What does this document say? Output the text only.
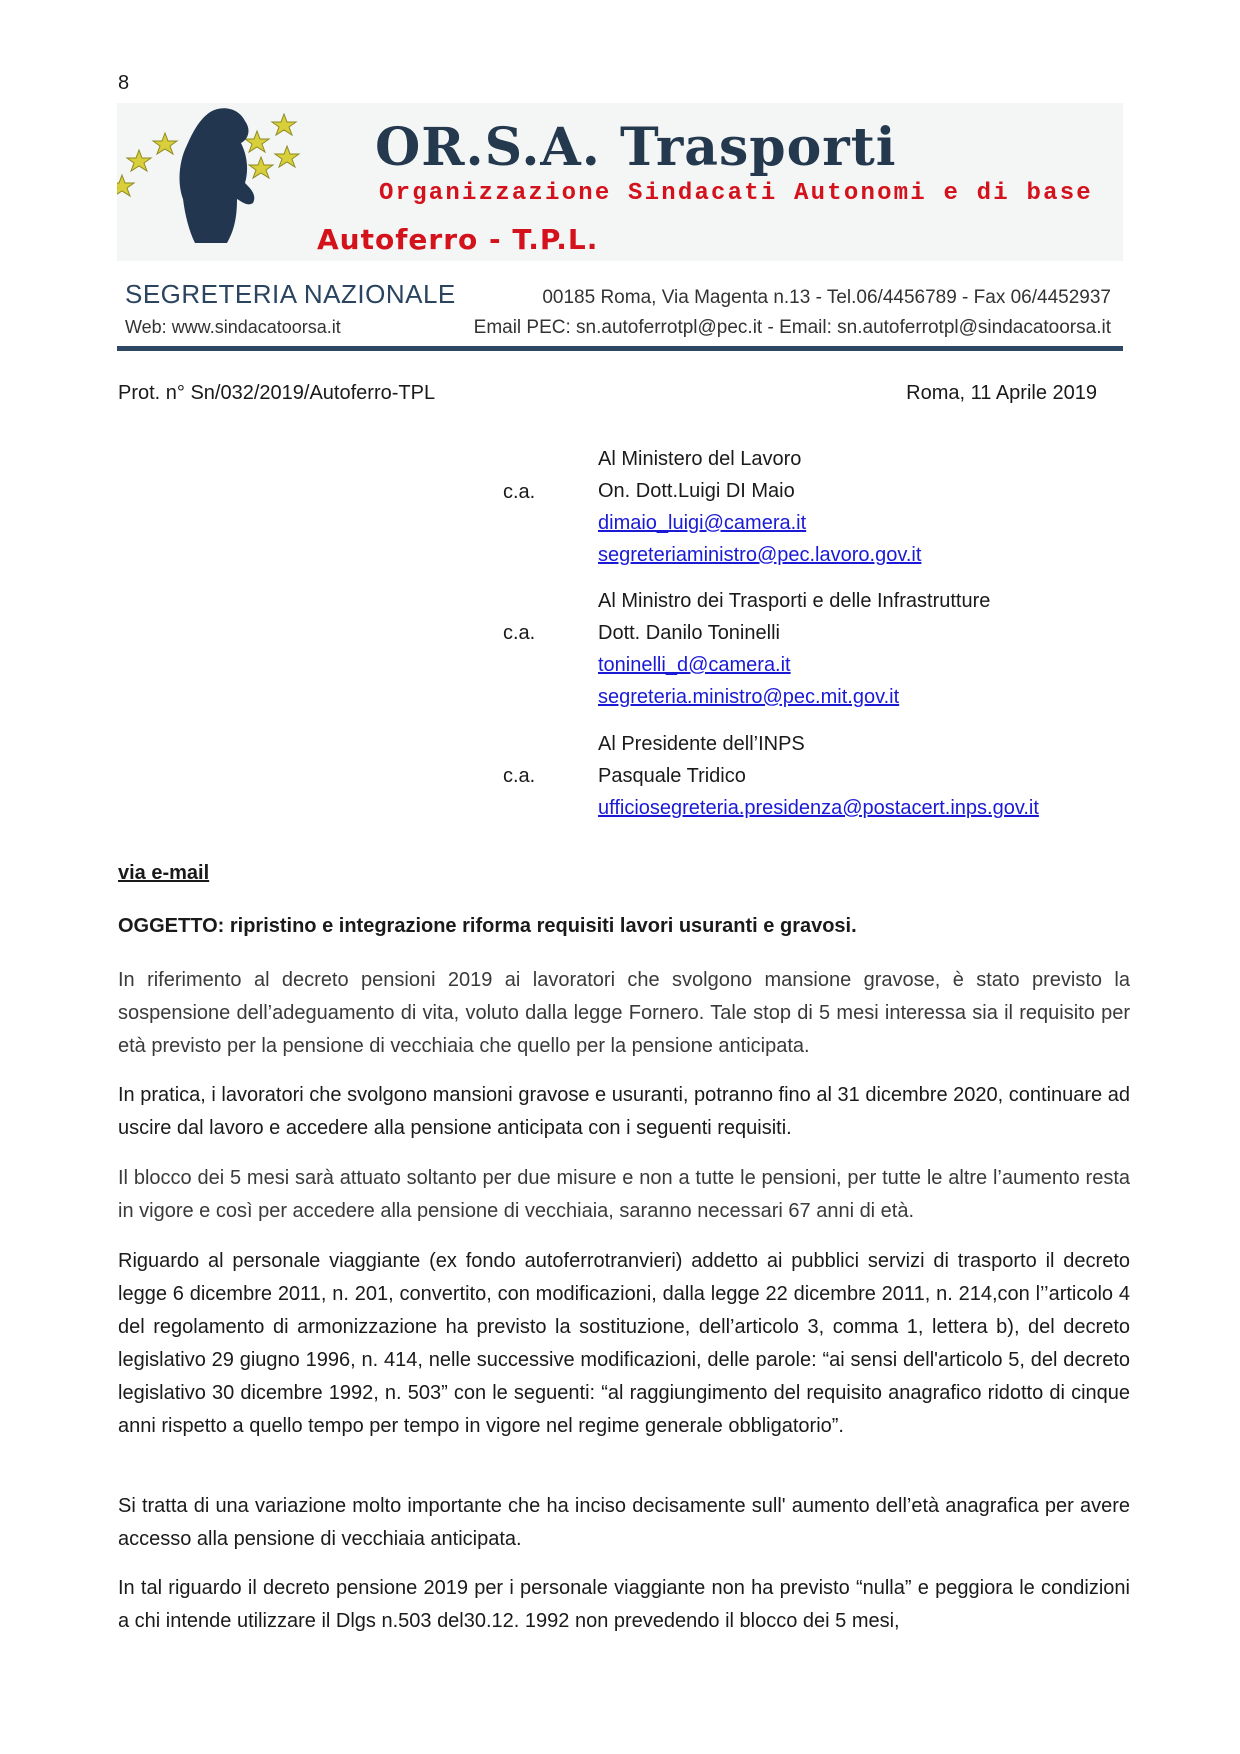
8
OR.S.A. Trasporti
Organizzazione Sindacati Autonomi e di base
Autoferro - T.P.L.
SEGRETERIA NAZIONALE	00185 Roma, Via Magenta n.13 - Tel.06/4456789 - Fax 06/4452937
Web: www.sindacatoorsa.it	Email PEC: sn.autoferrotpl@pec.it - Email: sn.autoferrotpl@sindacatoorsa.it
Prot. n° Sn/032/2019/Autoferro-TPL	Roma, 11 Aprile 2019
c.a.
Al Ministero del Lavoro
On. Dott.Luigi DI Maio
dimaio_luigi@camera.it
segreteriaministro@pec.lavoro.gov.it
c.a.
Al Ministro dei Trasporti e delle Infrastrutture
Dott. Danilo Toninelli
toninelli_d@camera.it
segreteria.ministro@pec.mit.gov.it
c.a.
Al Presidente dell’INPS
Pasquale Tridico
ufficiosegreteria.presidenza@postacert.inps.gov.it
via e-mail
OGGETTO: ripristino e integrazione riforma requisiti lavori usuranti e gravosi.
In riferimento al decreto pensioni 2019 ai lavoratori che svolgono mansione gravose, è stato previsto la sospensione dell’adeguamento di vita, voluto dalla legge Fornero. Tale stop di 5 mesi interessa sia il requisito per età previsto per la pensione di vecchiaia che quello per la pensione anticipata.
In pratica, i lavoratori che svolgono mansioni gravose e usuranti, potranno fino al 31 dicembre 2020, continuare ad uscire dal lavoro e accedere alla pensione anticipata con i seguenti requisiti.
Il blocco dei 5 mesi sarà attuato soltanto per due misure e non a tutte le pensioni, per tutte le altre l’aumento resta in vigore e così per accedere alla pensione di vecchiaia, saranno necessari 67 anni di età.
Riguardo al personale viaggiante (ex fondo autoferrotranvieri) addetto ai pubblici servizi di trasporto il decreto legge 6 dicembre 2011, n. 201, convertito, con modificazioni, dalla legge 22 dicembre 2011, n. 214,con l’’articolo 4 del regolamento di armonizzazione ha previsto la sostituzione, dell’articolo 3, comma 1, lettera b), del decreto legislativo 29 giugno 1996, n. 414, nelle successive modificazioni, delle parole: “ai sensi dell'articolo 5, del decreto legislativo 30 dicembre 1992, n. 503” con le seguenti: “al raggiungimento del requisito anagrafico ridotto di cinque anni rispetto a quello tempo per tempo in vigore nel regime generale obbligatorio”.
Si tratta di una variazione molto importante che ha inciso decisamente sull' aumento dell’età anagrafica per avere accesso alla pensione di vecchiaia anticipata.
In tal riguardo il decreto pensione 2019 per i personale viaggiante non ha previsto “nulla” e peggiora le condizioni a chi intende utilizzare il Dlgs n.503 del30.12. 1992 non prevedendo il blocco dei 5 mesi,
